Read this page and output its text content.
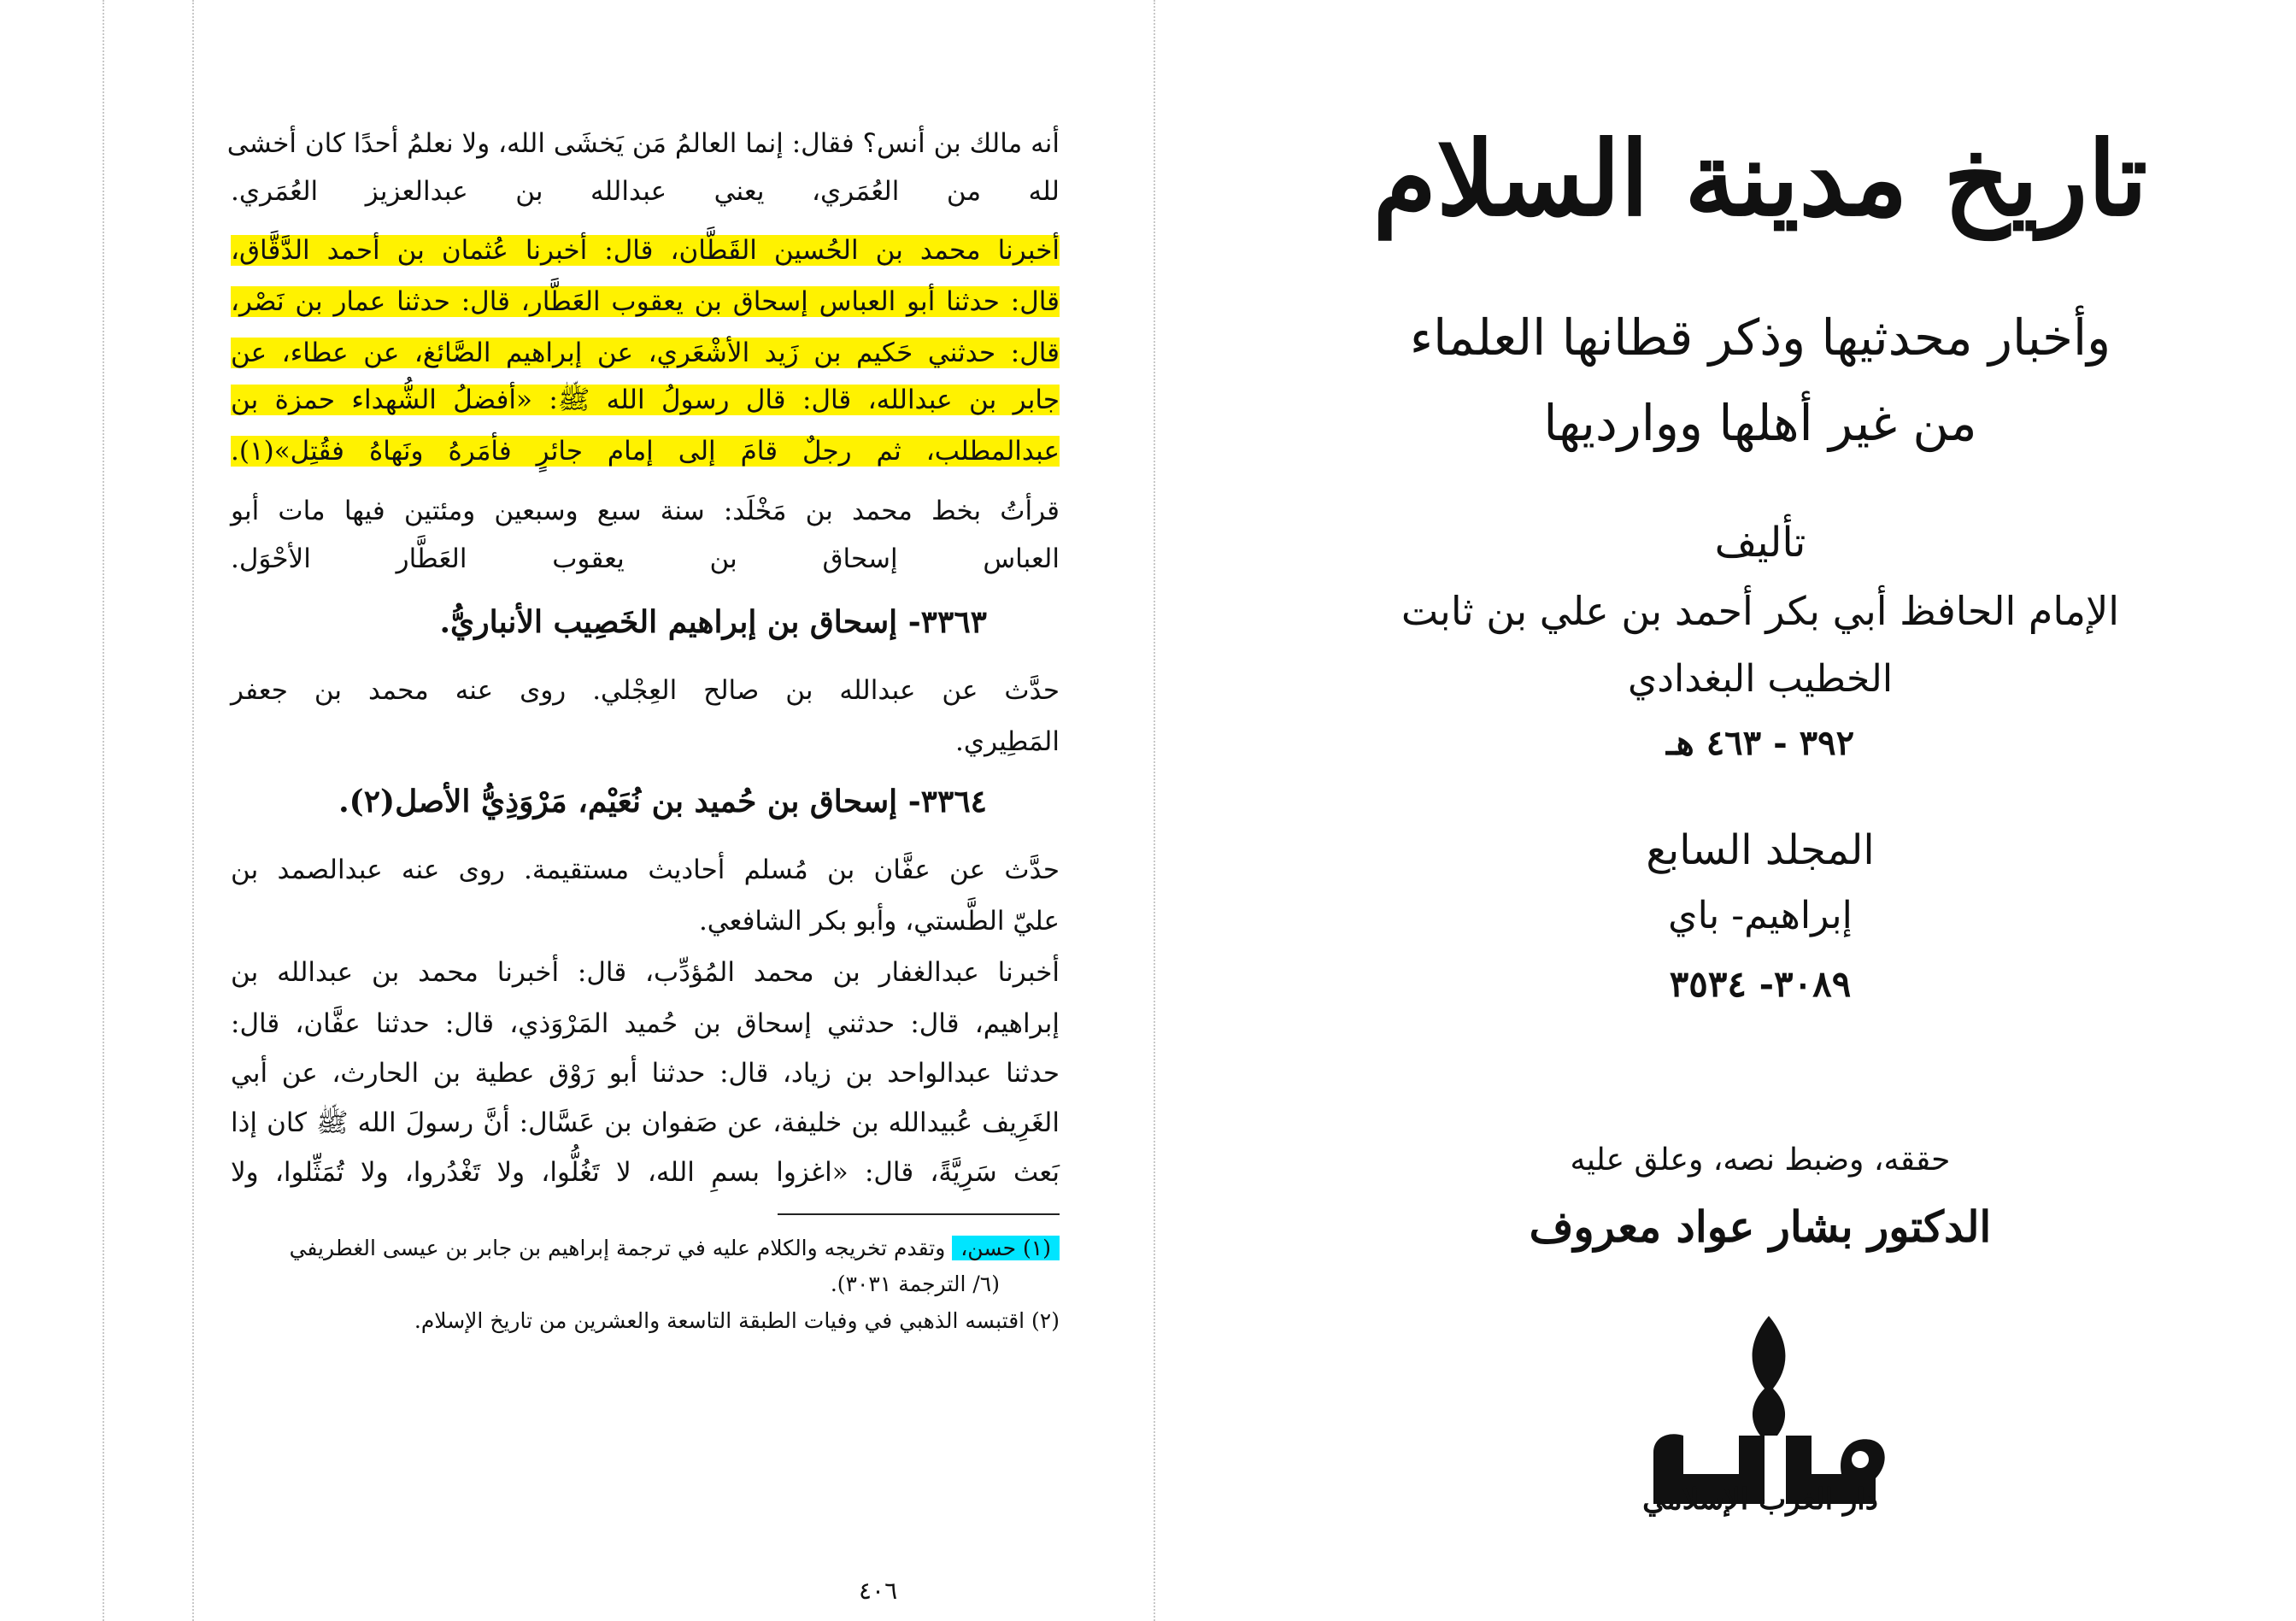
أنه مالك بن أنس؟ فقال: إنما العالمُ مَن يَخشَى الله، ولا نعلمُ أحدًا كان أخشى
لله من العُمَري، يعني عبدالله بن عبدالعزيز العُمَري.
أخبرنا محمد بن الحُسين القَطَّان، قال: أخبرنا عُثمان بن أحمد الدَّقَّاق،
قال: حدثنا أبو العباس إسحاق بن يعقوب العَطَّار، قال: حدثنا عمار بن نَصْر،
قال: حدثني حَكيم بن زَيد الأشْعَري، عن إبراهيم الصَّائغ، عن عطاء، عن
جابر بن عبدالله، قال: قال رسولُ الله ﷺ: «أفضلُ الشُّهداء حمزة بن
عبدالمطلب، ثم رجلٌ قامَ إلى إمام جائرٍ فأمَرهُ ونَهاهُ فقُتِل»(١).
قرأتُ بخط محمد بن مَخْلَد: سنة سبع وسبعين ومئتين فيها مات أبو
العباس إسحاق بن يعقوب العَطَّار الأحْوَل.
٣٣٦٣- إسحاق بن إبراهيم الخَصِيب الأنباريُّ.
حدَّث عن عبدالله بن صالح العِجْلي. روى عنه محمد بن جعفر
المَطِيري.
٣٣٦٤- إسحاق بن حُميد بن نُعَيْم، مَرْوَذِيُّ الأصل(٢).
حدَّث عن عفَّان بن مُسلم أحاديث مستقيمة. روى عنه عبدالصمد بن
عليّ الطَّستي، وأبو بكر الشافعي.
أخبرنا عبدالغفار بن محمد المُؤدِّب، قال: أخبرنا محمد بن عبدالله بن
إبراهيم، قال: حدثني إسحاق بن حُميد المَرْوَذي، قال: حدثنا عفَّان، قال:
حدثنا عبدالواحد بن زياد، قال: حدثنا أبو رَوْق عطية بن الحارث، عن أبي
الغَرِيف عُبيدالله بن خليفة، عن صَفوان بن عَسَّال: أنَّ رسولَ الله ﷺ كان إذا
بَعث سَرِيَّةً، قال: «اغزوا بسمِ الله، لا تَغُلُّوا، ولا تَغْدُروا، ولا تُمَثِّلوا، ولا
(١) حسن، وتقدم تخريجه والكلام عليه في ترجمة إبراهيم بن جابر بن عيسى الغطريفي
(٦/ الترجمة ٣٠٣١).
(٢) اقتبسه الذهبي في وفيات الطبقة التاسعة والعشرين من تاريخ الإسلام.
٤٠٦
تاريخ مدينة السلام
وأخبار محدثيها وذكر قطانها العلماء
من غير أهلها ووارديها
تأليف
الإمام الحافظ أبي بكر أحمد بن علي بن ثابت
الخطيب البغدادي
٣٩٢ - ٤٦٣ هـ
المجلد السابع
إبراهيم- باي
٣٠٨٩- ٣٥٣٤
حققه، وضبط نصه، وعلق عليه
الدكتور بشار عواد معروف
دار الغرب الإسلامي
